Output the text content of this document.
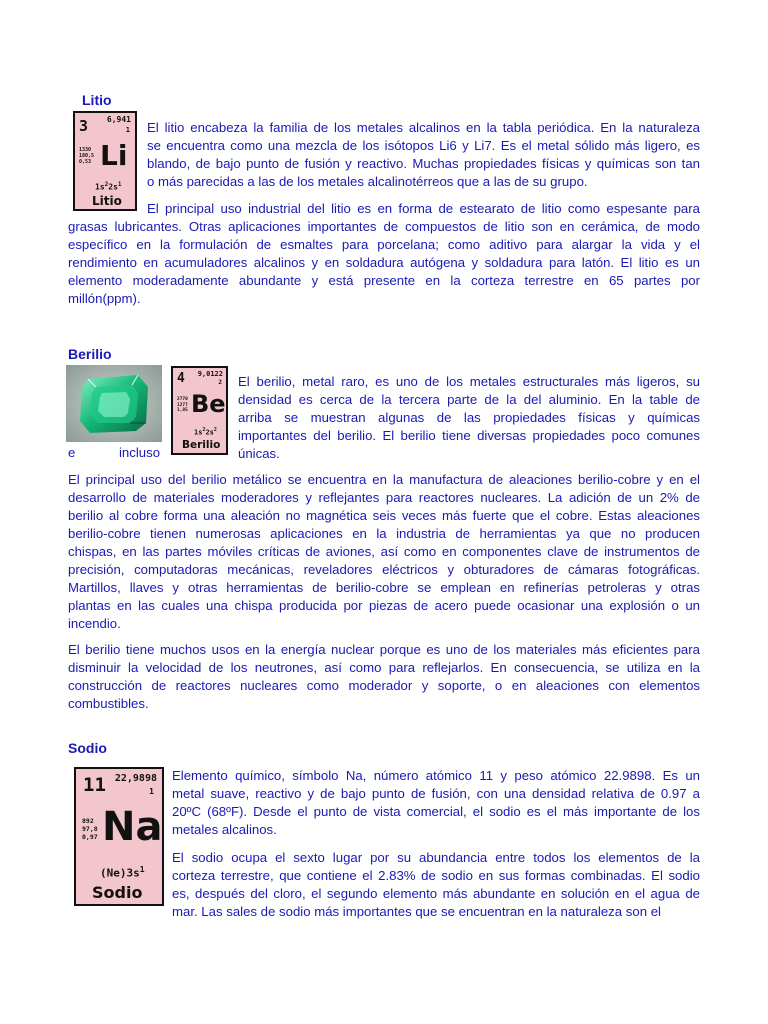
Litio
3 6,941
1
1330
180,5
0,53 Li
$1s^22s^1$
Litio
El litio encabeza la familia de los metales alcalinos en la tabla periódica. En la naturaleza
se encuentra como una mezcla de los isótopos Li6 y Li7. Es el metal sólido más ligero, es
blando, de bajo punto de fusión y reactivo. Muchas propiedades físicas y químicas son tan
o más parecidas a las de los metales alcalinotérreos que a las de su grupo.
El principal uso industrial del litio es en forma de estearato de litio como espesante para
grasas lubricantes. Otras aplicaciones importantes de compuestos de litio son en cerámica, de modo
específico en la formulación de esmaltes para porcelana; como aditivo para alargar la vida y el
rendimiento en acumuladores alcalinos y en soldadura autógena y soldadura para latón. El litio es un
elemento moderadamente abundante y está presente en la corteza terrestre en 65 partes por
millón(ppm).
Berilio
4 9,0122
2
2770
1277
1,85 Be
$1s^22s^2$
Berilio
El berilio, metal raro, es uno de los metales estructurales más ligeros, su
densidad es cerca de la tercera parte de la del aluminio. En la table de
arriba se muestran algunas de las propiedades físicas y químicas
importantes del berilio. El berilio tiene diversas propiedades poco comunes
únicas.
e	incluso
El principal uso del berilio metálico se encuentra en la manufactura de aleaciones berilio-cobre y en el
desarrollo de materiales moderadores y reflejantes para reactores nucleares. La adición de un 2% de
berilio al cobre forma una aleación no magnética seis veces más fuerte que el cobre. Estas aleaciones
berilio-cobre tienen numerosas aplicaciones en la industria de herramientas ya que no producen
chispas, en las partes móviles críticas de aviones, así como en componentes clave de instrumentos de
precisión, computadoras mecánicas, reveladores eléctricos y obturadores de cámaras fotográficas.
Martillos, llaves y otras herramientas de berilio-cobre se emplean en refinerías petroleras y otras
plantas en las cuales una chispa producida por piezas de acero puede ocasionar una explosión o un
incendio.
El berilio tiene muchos usos en la energía nuclear porque es uno de los materiales más eficientes para
disminuir la velocidad de los neutrones, así como para reflejarlos. En consecuencia, se utiliza en la
construcción de reactores nucleares como moderador y soporte, o en aleaciones con elementos
combustibles.
Sodio
11 22,9898
1
892
97,8
0,97 Na
$(Ne)3s^1$
Sodio
Elemento químico, símbolo Na, número atómico 11 y peso atómico 22.9898. Es un
metal suave, reactivo y de bajo punto de fusión, con una densidad relativa de 0.97 a
20ºC (68ºF). Desde el punto de vista comercial, el sodio es el más importante de los
metales alcalinos.
El sodio ocupa el sexto lugar por su abundancia entre todos los elementos de la
corteza terrestre, que contiene el 2.83% de sodio en sus formas combinadas. El sodio
es, después del cloro, el segundo elemento más abundante en solución en el agua de
mar. Las sales de sodio más importantes que se encuentran en la naturaleza son el
